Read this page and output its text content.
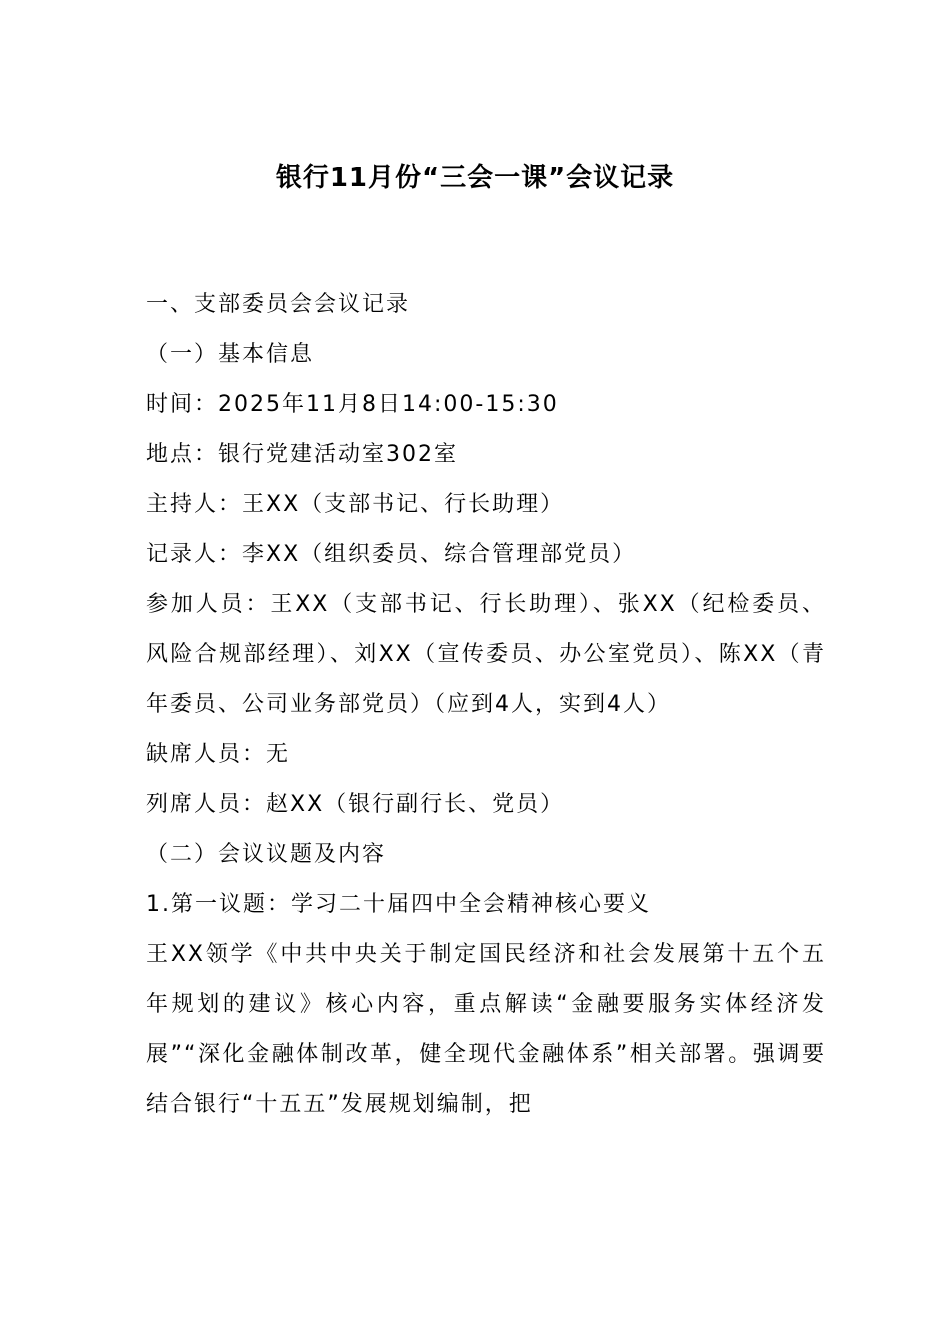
银行11月份“三会一课”会议记录

一、支部委员会会议记录

（一）基本信息

时间：2025年11月8日14:00-15:30

地点：银行党建活动室302室

主持人：王XX（支部书记、行长助理）

记录人：李XX（组织委员、综合管理部党员）

参加人员：王XX（支部书记、行长助理）、张XX（纪检委员、风险合规部经理）、刘XX（宣传委员、办公室党员）、陈XX（青年委员、公司业务部党员）（应到4人，实到4人）

缺席人员：无

列席人员：赵XX（银行副行长、党员）

（二）会议议题及内容

1.第一议题：学习二十届四中全会精神核心要义

王XX领学《中共中央关于制定国民经济和社会发展第十五个五年规划的建议》核心内容，重点解读“金融要服务实体经济发展”“深化金融体制改革，健全现代金融体系”相关部署。强调要结合银行“十五五”发展规划编制，把
